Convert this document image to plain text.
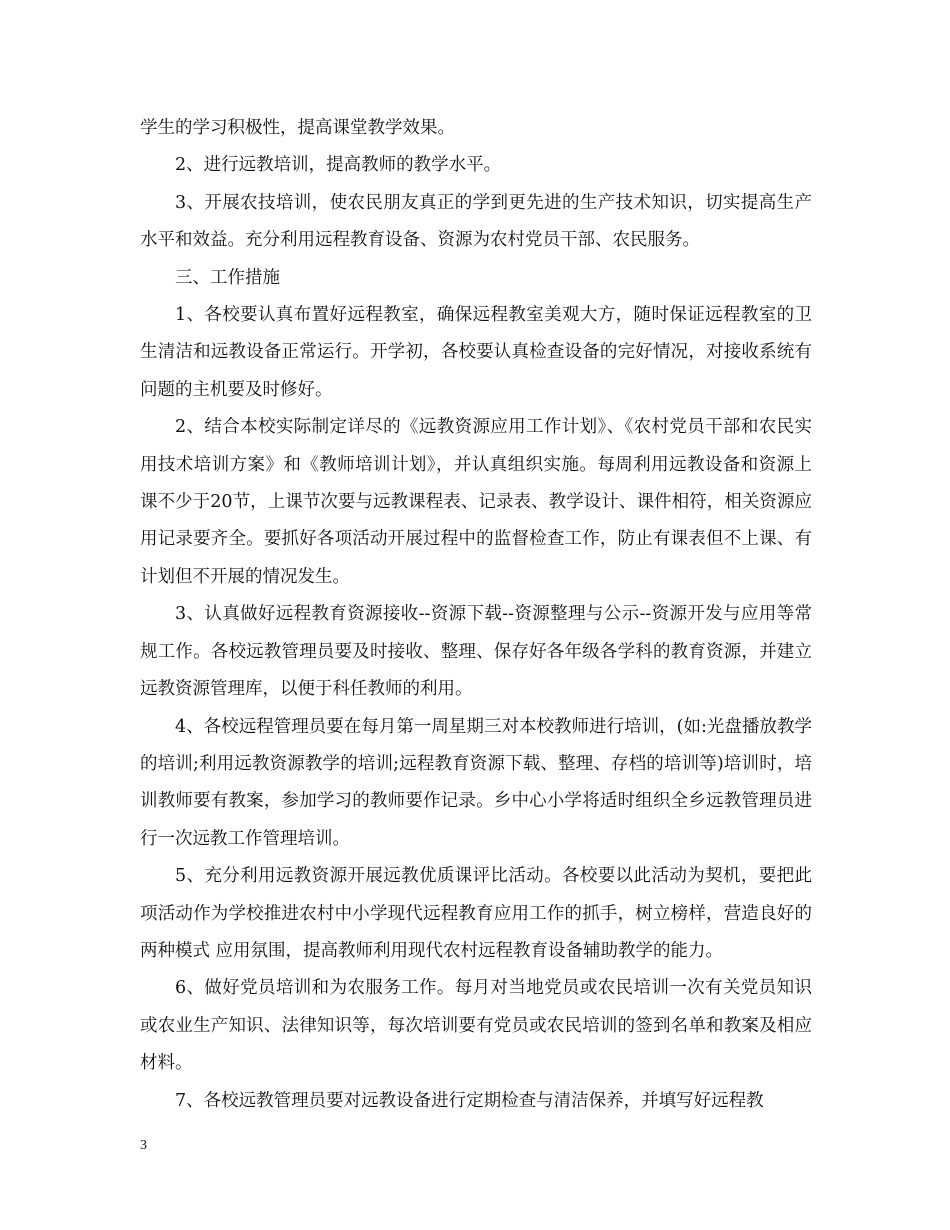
学生的学习积极性，提高课堂教学效果。

2、进行远教培训，提高教师的教学水平。

3、开展农技培训，使农民朋友真正的学到更先进的生产技术知识，切实提高生产水平和效益。充分利用远程教育设备、资源为农村党员干部、农民服务。

三、工作措施

1、各校要认真布置好远程教室，确保远程教室美观大方，随时保证远程教室的卫生清洁和远教设备正常运行。开学初，各校要认真检查设备的完好情况，对接收系统有问题的主机要及时修好。

2、结合本校实际制定详尽的《远教资源应用工作计划》、《农村党员干部和农民实用技术培训方案》和《教师培训计划》，并认真组织实施。每周利用远教设备和资源上课不少于20节，上课节次要与远教课程表、记录表、教学设计、课件相符，相关资源应用记录要齐全。要抓好各项活动开展过程中的监督检查工作，防止有课表但不上课、有计划但不开展的情况发生。

3、认真做好远程教育资源接收--资源下载--资源整理与公示--资源开发与应用等常规工作。各校远教管理员要及时接收、整理、保存好各年级各学科的教育资源，并建立远教资源管理库，以便于科任教师的利用。

4、各校远程管理员要在每月第一周星期三对本校教师进行培训，(如:光盘播放教学的培训;利用远教资源教学的培训;远程教育资源下载、整理、存档的培训等)培训时，培训教师要有教案，参加学习的教师要作记录。乡中心小学将适时组织全乡远教管理员进行一次远教工作管理培训。

5、充分利用远教资源开展远教优质课评比活动。各校要以此活动为契机，要把此项活动作为学校推进农村中小学现代远程教育应用工作的抓手，树立榜样，营造良好的 两种模式 应用氛围，提高教师利用现代农村远程教育设备辅助教学的能力。

6、做好党员培训和为农服务工作。每月对当地党员或农民培训一次有关党员知识或农业生产知识、法律知识等，每次培训要有党员或农民培训的签到名单和教案及相应材料。

7、各校远教管理员要对远教设备进行定期检查与清洁保养，并填写好远程教

3
